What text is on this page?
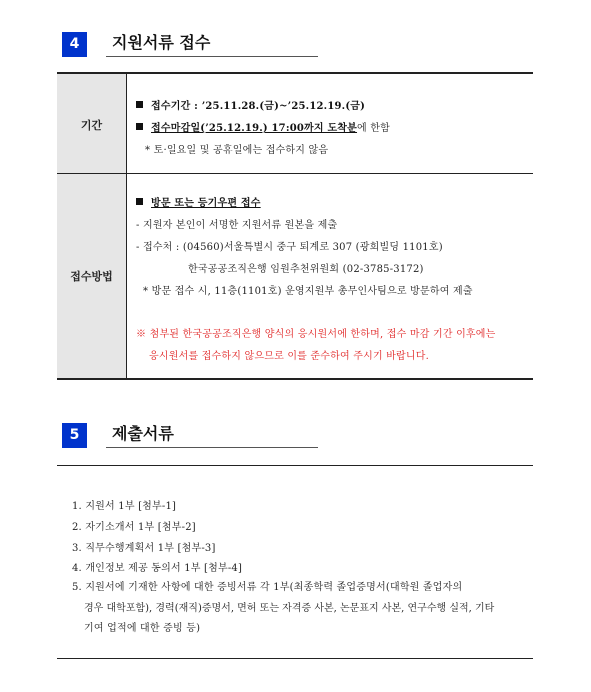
4	지원서류 접수
기간
접수방법
접수기간 : ’25.11.28.(금)~’25.12.19.(금)
접수마감일(’25.12.19.) 17:00까지 도착분에 한함
* 토·일요일 및 공휴일에는 접수하지 않음
방문 또는 등기우편 접수
- 지원자 본인이 서명한 지원서류 원본을 제출
- 접수처 : (04560)서울특별시 중구 퇴계로 307 (광희빌딩 1101호)
한국공공조직은행 임원추천위원회 (02-3785-3172)
* 방문 접수 시, 11층(1101호) 운영지원부 총무인사팀으로 방문하여 제출
※ 첨부된 한국공공조직은행 양식의 응시원서에 한하며, 접수 마감 기간 이후에는
응시원서를 접수하지 않으므로 이를 준수하여 주시기 바랍니다.
5	제출서류
1. 지원서 1부 [첨부-1]
2. 자기소개서 1부 [첨부-2]
3. 직무수행계획서 1부 [첨부-3]
4. 개인정보 제공 동의서 1부 [첨부-4]
5. 지원서에 기재한 사항에 대한 증빙서류 각 1부(최종학력 졸업증명서(대학원 졸업자의
경우 대학포함), 경력(재직)증명서, 면허 또는 자격증 사본, 논문표지 사본, 연구수행 실적, 기타
기여 업적에 대한 증빙 등)
